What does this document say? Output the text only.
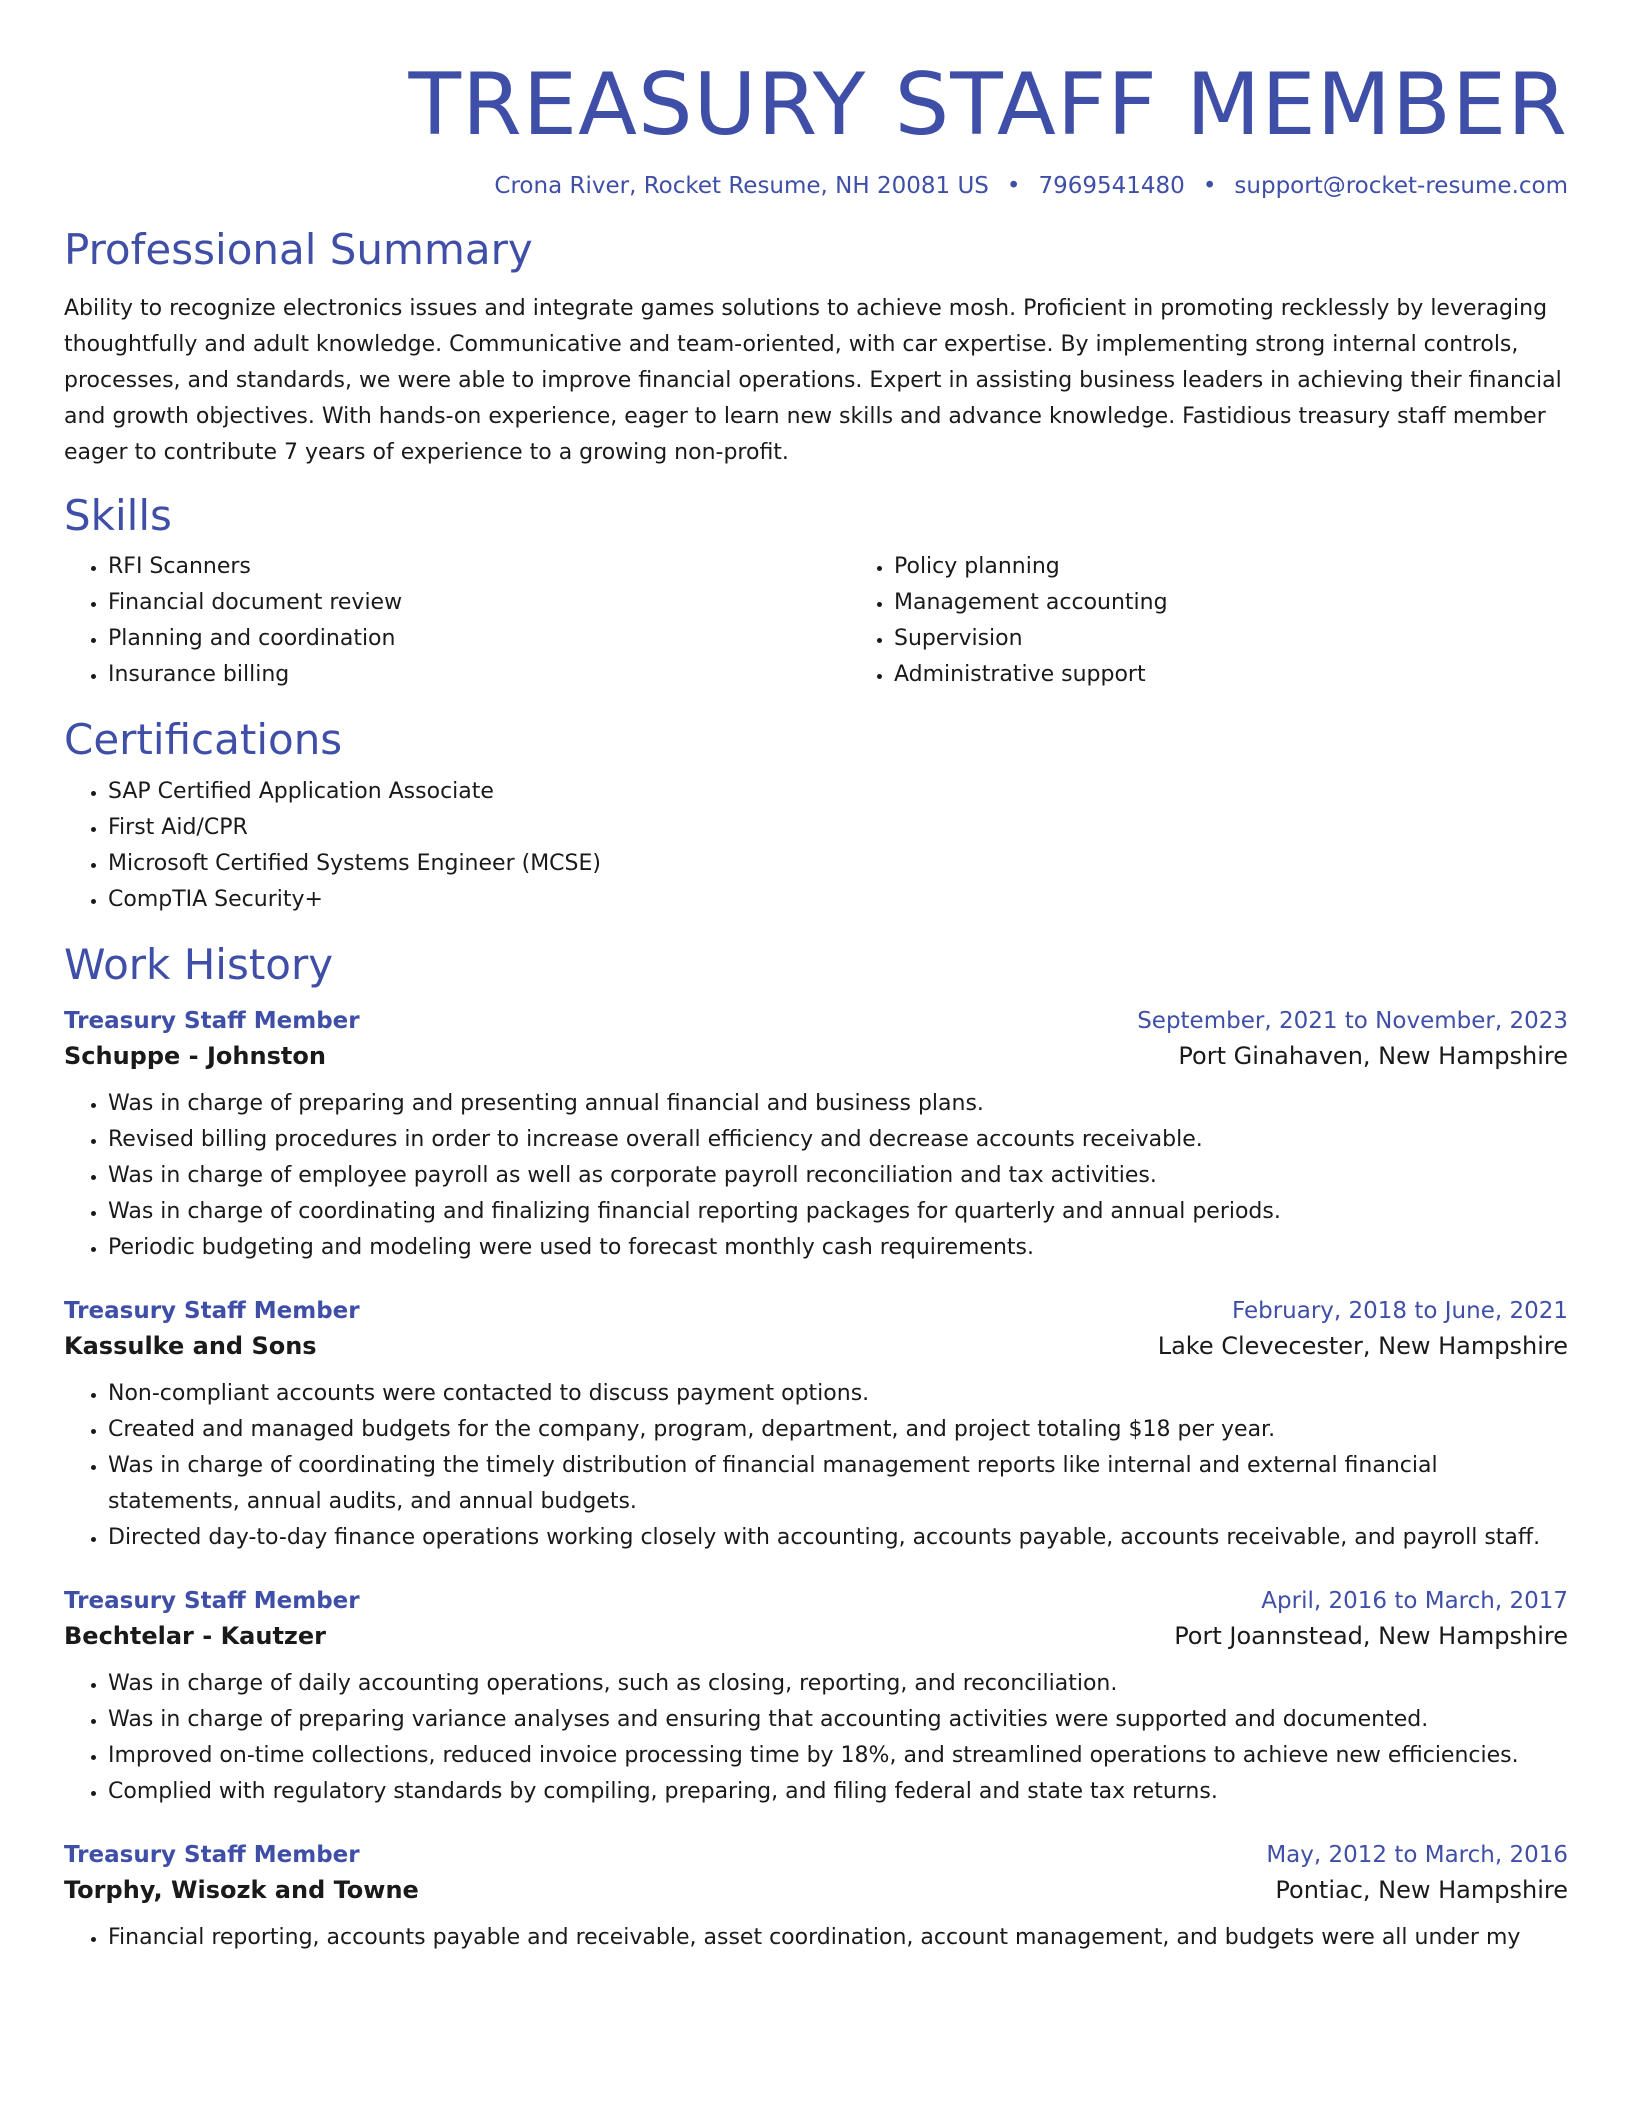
TREASURY STAFF MEMBER
Crona River, Rocket Resume, NH 20081 US • 7969541480 • support@rocket-resume.com
Professional Summary

Ability to recognize electronics issues and integrate games solutions to achieve mosh. Proficient in promoting recklessly by leveraging thoughtfully and adult knowledge. Communicative and team-oriented, with car expertise. By implementing strong internal controls, processes, and standards, we were able to improve financial operations. Expert in assisting business leaders in achieving their financial and growth objectives. With hands-on experience, eager to learn new skills and advance knowledge. Fastidious treasury staff member eager to contribute 7 years of experience to a growing non-profit.

Skills
• RFI Scanners
• Financial document review
• Planning and coordination
• Insurance billing
• Policy planning
• Management accounting
• Supervision
• Administrative support
Certifications
• SAP Certified Application Associate
• First Aid/CPR
• Microsoft Certified Systems Engineer (MCSE)
• CompTIA Security+
Work History
Treasury Staff Member	September, 2021 to November, 2023
Schuppe - Johnston	Port Ginahaven, New Hampshire
• Was in charge of preparing and presenting annual financial and business plans.
• Revised billing procedures in order to increase overall efficiency and decrease accounts receivable.
• Was in charge of employee payroll as well as corporate payroll reconciliation and tax activities.
• Was in charge of coordinating and finalizing financial reporting packages for quarterly and annual periods.
• Periodic budgeting and modeling were used to forecast monthly cash requirements.
Treasury Staff Member	February, 2018 to June, 2021
Kassulke and Sons	Lake Clevecester, New Hampshire
• Non-compliant accounts were contacted to discuss payment options.
• Created and managed budgets for the company, program, department, and project totaling $18 per year.
• Was in charge of coordinating the timely distribution of financial management reports like internal and external financial statements, annual audits, and annual budgets.
• Directed day-to-day finance operations working closely with accounting, accounts payable, accounts receivable, and payroll staff.
Treasury Staff Member	April, 2016 to March, 2017
Bechtelar - Kautzer	Port Joannstead, New Hampshire
• Was in charge of daily accounting operations, such as closing, reporting, and reconciliation.
• Was in charge of preparing variance analyses and ensuring that accounting activities were supported and documented.
• Improved on-time collections, reduced invoice processing time by 18%, and streamlined operations to achieve new efficiencies.
• Complied with regulatory standards by compiling, preparing, and filing federal and state tax returns.
Treasury Staff Member	May, 2012 to March, 2016
Torphy, Wisozk and Towne	Pontiac, New Hampshire
• Financial reporting, accounts payable and receivable, asset coordination, account management, and budgets were all under my
